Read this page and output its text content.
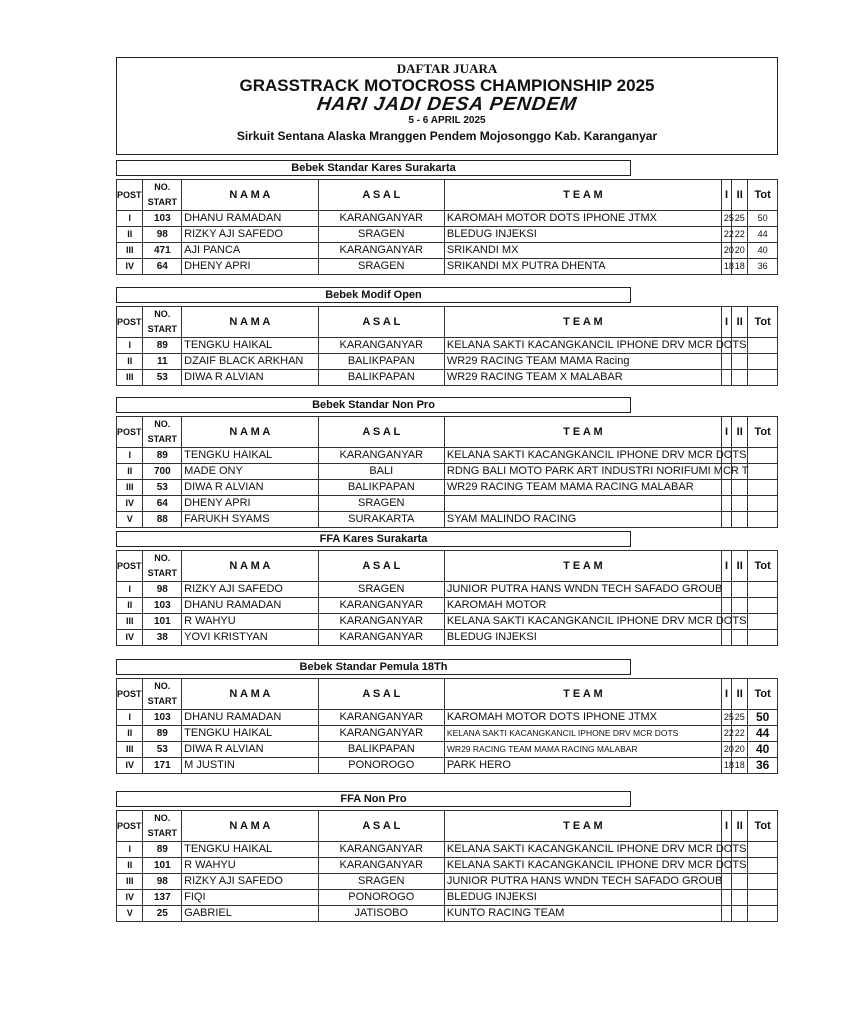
DAFTAR JUARA
GRASSTRACK MOTOCROSS CHAMPIONSHIP 2025
HARI JADI DESA PENDEM
5 - 6 APRIL 2025
Sirkuit Sentana Alaska Mranggen Pendem Mojosonggo Kab. Karanganyar
Bebek Standar Kares Surakarta
POST	NO. START	N A M A	A S A L	T E A M	I	II	Tot
I	103	DHANU RAMADAN	KARANGANYAR	KAROMAH MOTOR DOTS IPHONE JTMX	25	25	50
II	98	RIZKY AJI SAFEDO	SRAGEN	BLEDUG INJEKSI	22	22	44
III	471	AJI PANCA	KARANGANYAR	SRIKANDI MX	20	20	40
IV	64	DHENY APRI	SRAGEN	SRIKANDI MX PUTRA DHENTA	18	18	36
Bebek Modif Open
POST	NO. START	N A M A	A S A L	T E A M	I	II	Tot
I	89	TENGKU HAIKAL	KARANGANYAR	KELANA SAKTI KACANGKANCIL IPHONE DRV MCR DOTS			
II	11	DZAIF BLACK ARKHAN	BALIKPAPAN	WR29 RACING TEAM MAMA Racing			
III	53	DIWA R ALVIAN	BALIKPAPAN	WR29 RACING TEAM X MALABAR			
Bebek Standar Non Pro
POST	NO. START	N A M A	A S A L	T E A M	I	II	Tot
I	89	TENGKU HAIKAL	KARANGANYAR	KELANA SAKTI KACANGKANCIL IPHONE DRV MCR DOTS			
II	700	MADE ONY	BALI	RDNG BALI MOTO PARK ART INDUSTRI NORIFUMI MCR T			
III	53	DIWA R ALVIAN	BALIKPAPAN	WR29 RACING TEAM MAMA RACING MALABAR			
IV	64	DHENY APRI	SRAGEN				
V	88	FARUKH SYAMS	SURAKARTA	SYAM MALINDO RACING			
FFA Kares Surakarta
POST	NO. START	N A M A	A S A L	T E A M	I	II	Tot
I	98	RIZKY AJI SAFEDO	SRAGEN	JUNIOR PUTRA HANS WNDN TECH SAFADO GROUB			
II	103	DHANU RAMADAN	KARANGANYAR	KAROMAH MOTOR			
III	101	R WAHYU	KARANGANYAR	KELANA SAKTI KACANGKANCIL IPHONE DRV MCR DOTS			
IV	38	YOVI KRISTYAN	KARANGANYAR	BLEDUG INJEKSI			
Bebek Standar Pemula 18Th
POST	NO. START	N A M A	A S A L	T E A M	I	II	Tot
I	103	DHANU RAMADAN	KARANGANYAR	KAROMAH MOTOR DOTS IPHONE JTMX	25	25	50
II	89	TENGKU HAIKAL	KARANGANYAR	KELANA SAKTI KACANGKANCIL IPHONE DRV MCR DOTS	22	22	44
III	53	DIWA R ALVIAN	BALIKPAPAN	WR29 RACING TEAM MAMA RACING MALABAR	20	20	40
IV	171	M JUSTIN	PONOROGO	PARK HERO	18	18	36
FFA Non Pro
POST	NO. START	N A M A	A S A L	T E A M	I	II	Tot
I	89	TENGKU HAIKAL	KARANGANYAR	KELANA SAKTI KACANGKANCIL IPHONE DRV MCR DOTS			
II	101	R WAHYU	KARANGANYAR	KELANA SAKTI KACANGKANCIL IPHONE DRV MCR DOTS			
III	98	RIZKY AJI SAFEDO	SRAGEN	JUNIOR PUTRA HANS WNDN TECH SAFADO GROUB			
IV	137	FIQI	PONOROGO	BLEDUG INJEKSI			
V	25	GABRIEL	JATISOBO	KUNTO RACING TEAM			
